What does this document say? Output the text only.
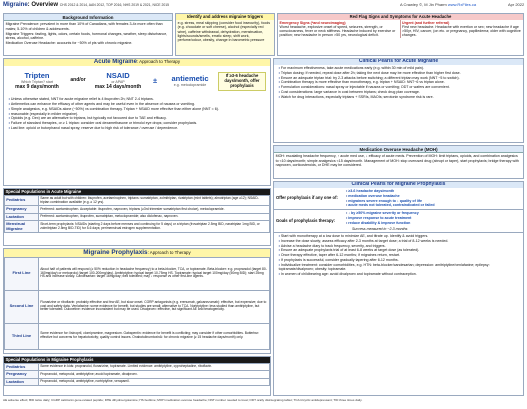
Migraine: Overview CHS 2012 & 2014, AAN 2012, TOP 2016, NHS 2019 & 2021, NICE 2015	A Crawley ©, M Jin Pharm www.RxFiles.ca	Apr 2022
Background Information

Migraine Prevalence: prevalent in more than 10% of Canadians, with females 3-4x more often than males; 5-10% of children & adolescents.

Migraine Triggers: fasting, lights, odors, certain foods, hormonal changes, weather, sleep disturbance, stress, alcohol, caffeine.

Medication Overuse Headache: accounts for ~50% of pts with chronic migraine.

Identify and address migraine triggers
e.g. stress, meal skipping (consider food insecurity), foods (e.g. chocolate or soft cheese), alcohol (especially red wine), caffeine withdrawal, dehydration, menstruation, lights/sounds/smells, erratic sleep, shift work, perfume/odour, obesity, change in barometric pressure
Red Flag Signs and Symptoms for Acute Headache
Emergency Signs (*and neuroimaging)
Worst headache, explosive onset of speed, seizures, strength, or consciousness, fever or neck stiffness. Headache induced by exercise or position; new headache in person >50 yrs, neurological deficit.
Urgent (and further referral)
First new headache. Headache with exertion or sex; new headache if age >50yr, HIV, cancer, (on etc. or pregnancy, papilledema; older with cognitive changes.
Acute Migraine: Approach to Therapy
Tripten
Which Triptan? start
max 9 days/month
and/or
NSAID
or APAP
max 14 days/month
±	antiemetic
e.g. metoclopramide
If ≥3-6 headache days/month, offer prophylaxis
• Unless otherwise stated, NNT for acute migraine relief is 4 ibuprofen 2h; NNT 2-4 triptans.
• Antiemetics can enhance the efficacy of other agents and may be useful even in the absence of nausea or vomiting.
• Simple analgesics, e.g. NSAIDs alone (~50%) vs combination therapy. Triptan + NSAID more effective than either alone (NNT = 6).
• reasonable (especially in milder migraine).
• Opioids (e.g. Dex) are an alternative to triptans, but typically not favoured due to TAE and efficacy.
• Failure of standard therapies, or ≥ 1 triptan: consider oral dexamethasone or trimolol eye drops; consider prophylaxis.
• Last line: opioid or butorphanol nasal spray; reserve due to high risk of tolerance / overuse / dependence.
Special Populations in Acute Migraine
Pediatrics	Same as adult but with children: ibuprofen, acetaminophen, triptans: sumatriptan, zolmitriptan, rizatriptan (mint tablets); almotriptan (age ≥12); NSAID-triptan combination available (e.g. ≥ 12 yrs).
Pregnancy	Preferred: acetaminophen. Acceptable: ibuprofen, naproxen, triptans (≥3rd trimester sumatriptan first choice), metoclopramide.
Lactation	Preferred: acetaminophen, ibuprofen, sumatriptan, metoclopramide; also diclofenac, naproxen.
Menstrual Migraine	Short-term prophylaxis: NSAIDs (starting 2 days before menses and continuing for 5 days) or a triptan (frovatriptan 2.5mg BID, naratriptan 1mg BID, or zolmitriptan 2.5mg BID-TID) for 5-6 days; perimenstrual estrogen supplementation.
Migraine Prophylaxis: Approach to Therapy
First Line	About half of patients will respond (≥ 50% reduction in headache frequency) to a beta-blocker, TCA, or topiramate. Beta-blocker: e.g. propranolol (target 80-160mg/day) or metoprolol (target 100-200mg/day). Amitriptyline: typical target 10-75mg HS. Topiramate: typical target 100mg/day (50mg BID); start 25mg HS and increase slowly. Candesartan: target 16mg/day; well tolerated; may ↓ response vs other first-line agents.
Second Line	Flunarizine or riboflavin: probably effective and few AE, but slow onset. CGRP antagonists (e.g. erenumab, galcanezumab): effective, but expensive; due to cost and safety data. Venlafaxine: some evidence for benefit, but studies are small; alternative to TCA. Nortriptyline: less studied than amitriptyline, but better tolerated. Duloxetine: evidence inconsistent but may be used. Divalproex: effective, but significant AE and teratogenicity.
Third Line	Some evidence for: lisinopril, clomipramine, magnesium. Gabapentin: evidence for benefit is conflicting; may consider if other comorbidities. Butterbur: effective but concerns for hepatotoxicity; quality control issues. OnabotulinumtoxinA: for chronic migraine (≥ 15 headache days/month) only.
Special Populations in Migraine Prophylaxis
Pediatrics	Some evidence in kids: propranolol, flunarizine, topiramate. Limited evidence: amitriptyline, cyproheptadine, riboflavin.
Pregnancy	Propranolol, metoprolol, amitriptyline; avoid topiramate, divalproex.
Lactation	Propranolol, metoprolol, amitriptyline, nortriptyline, verapamil.
Clinical Pearls for Acute Migraine
• For maximum effectiveness, take acute medications early (e.g. within 30 min of mild pain).
• Triptan dosing: If needed, repeat dose after 2h; taking the next dose may be more effective than higher first dose.
• Ensure an adequate triptan trial: try 2-3 attacks before switching; a different triptan may work (NNT ~5 to switch).
• Combination therapy is more effective than monotherapy, e.g. triptan + NSAID: NNT~6 vs triptan alone.
• Formulation considerations: nasal spray or injectable if nausea or vomiting; ODT or wafers are convenient.
• Cost considerations: large variance in cost between triptans; check drug plan coverage.
• Watch for drug interactions, especially triptans + SSRIs, MAOIs; serotonin syndrome risk is rare.
Medication Overuse Headache (MOH)
MOH: escalating headache frequency, ↑ acute med use, ↓ efficacy of acute meds. Prevention of MOH: limit triptans, opioids, and combination analgesics to <10 days/month; simple analgesics <15 days/month. Management of MOH: stop overused drug (abrupt or taper), start prophylaxis; bridge therapy with naproxen, corticosteroids, or DHE may be considered.
Clinical Pearls for Migraine Prophylaxis
Offer prophylaxis if any one of:
• ≥3-6 headache days/month
• medication overuse headache
• migraines severe enough to ↓ quality of life
• acute meds not tolerated, contraindicated or failed
Goals of prophylaxis therapy:
• ↓ by ≥50% migraine severity or frequency
• improve response to acute treatment
• reduce disability & improve function
Success measured in ~2-3 months
• Start with monotherapy at a low dose to minimize AE, and titrate up. Identify & avoid triggers.
• Increase the dose slowly; assess efficacy after 2-3 months at target dose; a trial of 8-12 weeks is needed.
• Advise a headache diary to track frequency, severity, and triggers.
• Ensure an adequate prophylaxis trial of at least 6-8 weeks at target dose (as tolerated).
• Once therapy effective, taper after 6-12 months; if migraines return, restart.
• If prophylaxis is successful, consider gradually tapering after 6-12 months.
• Individualize treatment: consider comorbidities, e.g. HTN: beta-blocker/candesartan; depression: amitriptyline/venlafaxine; epilepsy: topiramate/divalproex; obesity: topiramate.
• In women of childbearing age: avoid divalproex and topiramate without contraception.
AE adverse effect; BID twice daily; CGRP calcitonin gene-related peptide; DHE dihydroergotamine; HS bedtime; MOH medication overuse headache; NNT number needed to treat; ODT orally disintegrating tablet; TCA tricyclic antidepressant; TID three times daily.
